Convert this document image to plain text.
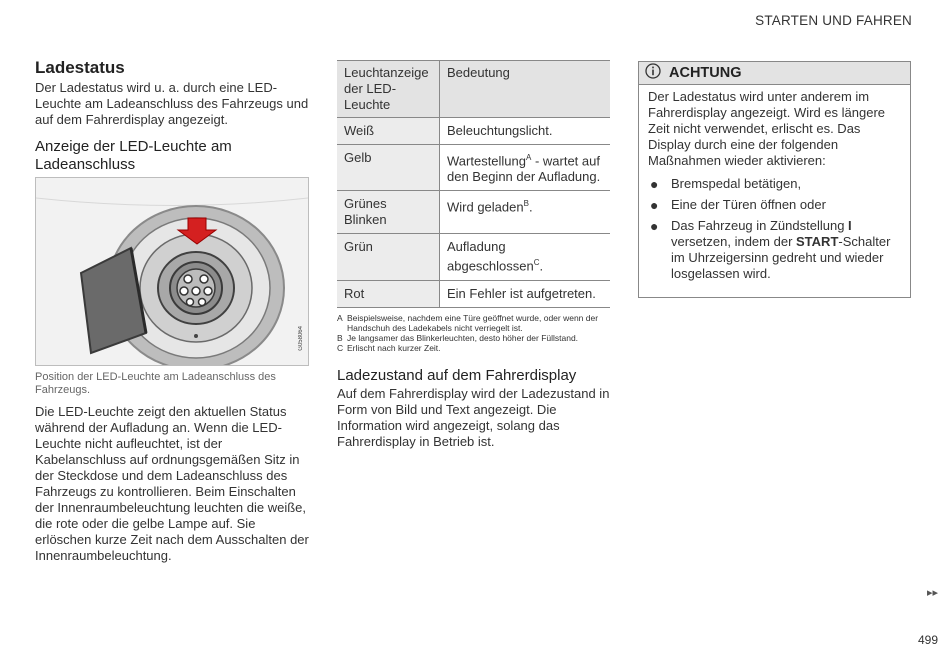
STARTEN UND FAHREN
Ladestatus

Der Ladestatus wird u. a. durch eine LED-Leuchte am Ladeanschluss des Fahrzeugs und auf dem Fahrerdisplay angezeigt.

Anzeige der LED-Leuchte am Ladeanschluss
G058064
Position der LED-Leuchte am Ladeanschluss des Fahrzeugs.

Die LED-Leuchte zeigt den aktuellen Status während der Aufladung an. Wenn die LED-Leuchte nicht aufleuchtet, ist der Kabelanschluss auf ordnungsgemäßen Sitz in der Steckdose und dem Ladeanschluss des Fahrzeugs zu kontrollieren. Beim Einschalten der Innenraumbeleuchtung leuchten die weiße, die rote oder die gelbe Lampe auf. Sie erlöschen kurze Zeit nach dem Ausschalten der Innenraumbeleuchtung.

Leuchtanzeige der LED-Leuchte	Bedeutung
Weiß	Beleuchtungslicht.
Gelb	Wartestellung$^A$ - wartet auf den Beginn der Aufladung.
Grünes Blinken	Wird geladen$^B$.
Grün	Aufladung abgeschlossen$^C$.
Rot	Ein Fehler ist aufgetreten.
A Beispielsweise, nachdem eine Türe geöffnet wurde, oder wenn der Handschuh des Ladekabels nicht verriegelt ist.
B Je langsamer das Blinkerleuchten, desto höher der Füllstand.
C Erlischt nach kurzer Zeit.
Ladezustand auf dem Fahrerdisplay

Auf dem Fahrerdisplay wird der Ladezustand in Form von Bild und Text angezeigt. Die Information wird angezeigt, solang das Fahrerdisplay in Betrieb ist.

ACHTUNG

Der Ladestatus wird unter anderem im Fahrerdisplay angezeigt. Wird es längere Zeit nicht verwendet, erlischt es. Das Display durch eine der folgenden Maßnahmen wieder aktivieren:

● Bremspedal betätigen,
● Eine der Türen öffnen oder
● Das Fahrzeug in Zündstellung I versetzen, indem der START-Schalter im Uhrzeigersinn gedreht und wieder losgelassen wird.
▸▸
499
